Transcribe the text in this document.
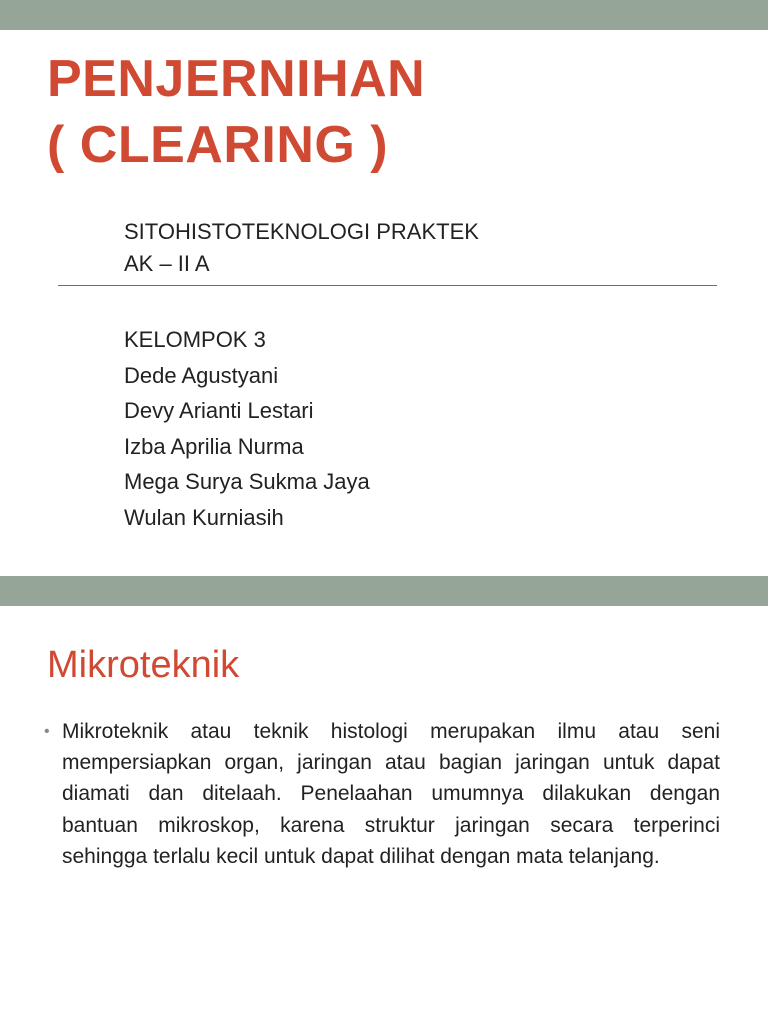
PENJERNIHAN
( CLEARING )
SITOHISTOTEKNOLOGI PRAKTEK
AK – II A
KELOMPOK 3
Dede Agustyani
Devy Arianti Lestari
Izba Aprilia Nurma
Mega Surya Sukma Jaya
Wulan Kurniasih
Mikroteknik
• Mikroteknik atau teknik histologi merupakan ilmu atau seni mempersiapkan organ, jaringan atau bagian jaringan untuk dapat diamati dan ditelaah. Penelaahan umumnya dilakukan dengan bantuan mikroskop, karena struktur jaringan secara terperinci sehingga terlalu kecil untuk dapat dilihat dengan mata telanjang.
